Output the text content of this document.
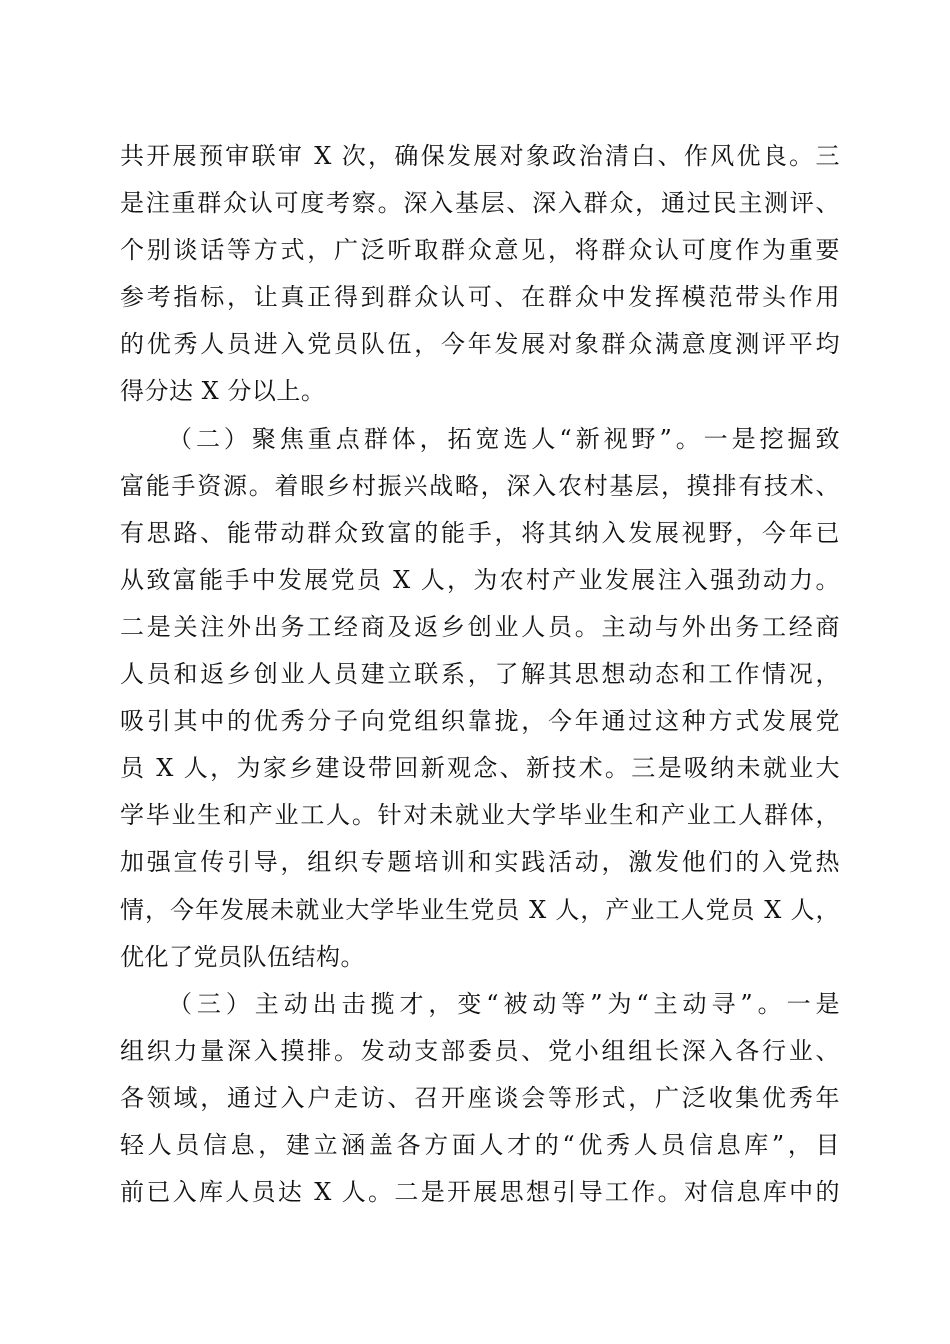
共开展预审联审 X 次，确保发展对象政治清白、作风优良。三
是注重群众认可度考察。深入基层、深入群众，通过民主测评、
个别谈话等方式，广泛听取群众意见，将群众认可度作为重要
参考指标，让真正得到群众认可、在群众中发挥模范带头作用
的优秀人员进入党员队伍，今年发展对象群众满意度测评平均
得分达 X 分以上。
（二）聚焦重点群体，拓宽选人“新视野”。一是挖掘致
富能手资源。着眼乡村振兴战略，深入农村基层，摸排有技术、
有思路、能带动群众致富的能手，将其纳入发展视野，今年已
从致富能手中发展党员 X 人，为农村产业发展注入强劲动力。
二是关注外出务工经商及返乡创业人员。主动与外出务工经商
人员和返乡创业人员建立联系，了解其思想动态和工作情况，
吸引其中的优秀分子向党组织靠拢，今年通过这种方式发展党
员 X 人，为家乡建设带回新观念、新技术。三是吸纳未就业大
学毕业生和产业工人。针对未就业大学毕业生和产业工人群体，
加强宣传引导，组织专题培训和实践活动，激发他们的入党热
情，今年发展未就业大学毕业生党员 X 人，产业工人党员 X 人，
优化了党员队伍结构。
（三）主动出击揽才，变“被动等”为“主动寻”。一是
组织力量深入摸排。发动支部委员、党小组组长深入各行业、
各领域，通过入户走访、召开座谈会等形式，广泛收集优秀年
轻人员信息，建立涵盖各方面人才的“优秀人员信息库”，目
前已入库人员达 X 人。二是开展思想引导工作。对信息库中的
